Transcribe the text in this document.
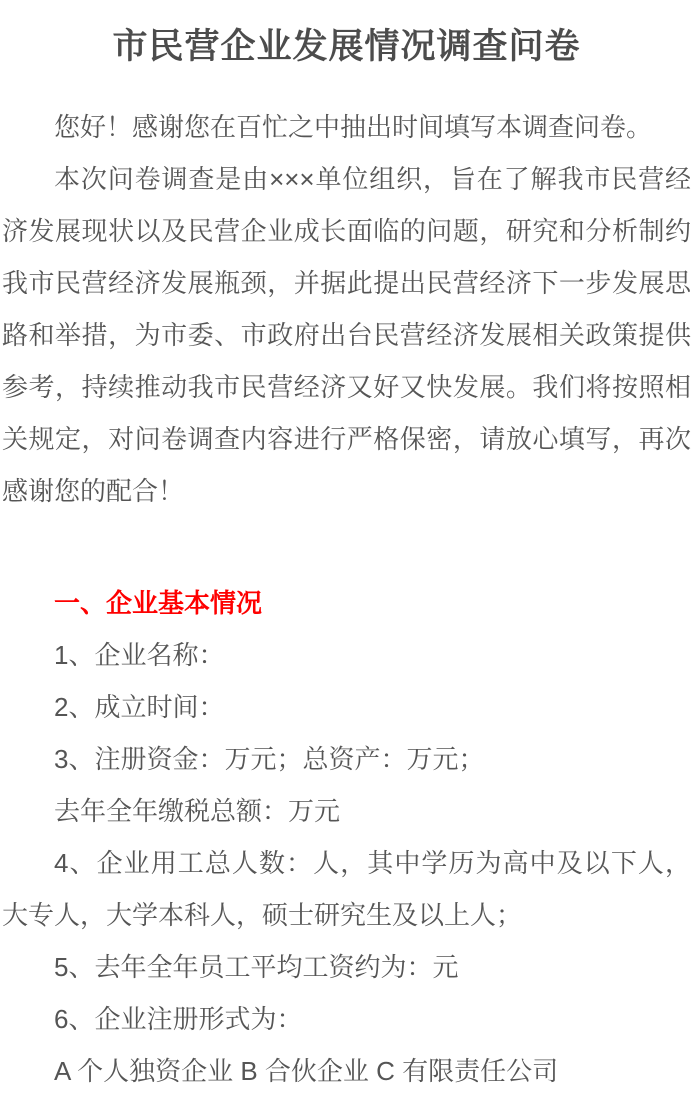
市民营企业发展情况调查问卷

您好！感谢您在百忙之中抽出时间填写本调查问卷。

本次问卷调查是由×××单位组织，旨在了解我市民营经济发展现状以及民营企业成长面临的问题，研究和分析制约我市民营经济发展瓶颈，并据此提出民营经济下一步发展思路和举措，为市委、市政府出台民营经济发展相关政策提供参考，持续推动我市民营经济又好又快发展。我们将按照相关规定，对问卷调查内容进行严格保密，请放心填写，再次感谢您的配合！

一、企业基本情况

1、企业名称：

2、成立时间：

3、注册资金：万元；总资产：万元；

去年全年缴税总额：万元

4、企业用工总人数：人，其中学历为高中及以下人，大专人，大学本科人，硕士研究生及以上人；

5、去年全年员工平均工资约为：元

6、企业注册形式为：

A 个人独资企业 B 合伙企业 C 有限责任公司
